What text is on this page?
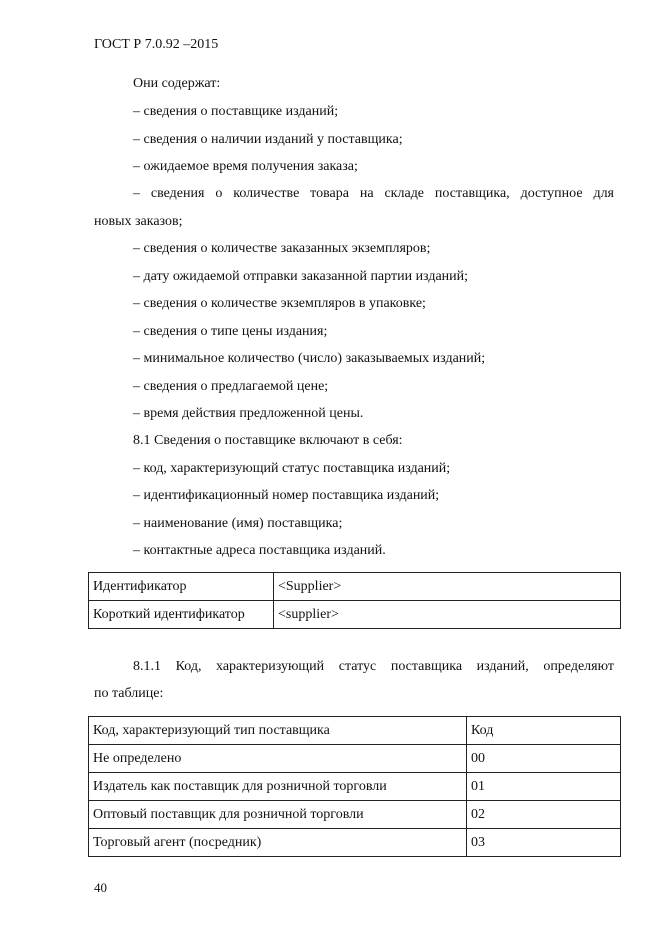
ГОСТ Р 7.0.92 –2015
Они содержат:
– сведения о поставщике изданий;
– сведения о наличии изданий у поставщика;
– ожидаемое время получения заказа;
– сведения о количестве товара на складе поставщика, доступное для
новых заказов;
– сведения о количестве заказанных экземпляров;
– дату ожидаемой отправки заказанной партии изданий;
– сведения о количестве экземпляров в упаковке;
– сведения о типе цены издания;
– минимальное количество (число) заказываемых изданий;
– сведения о предлагаемой цене;
– время действия предложенной цены.
8.1 Сведения о поставщике включают в себя:
– код, характеризующий статус поставщика изданий;
– идентификационный номер поставщика изданий;
– наименование (имя) поставщика;
– контактные адреса поставщика изданий.
Идентификатор	<Supplier>
Короткий идентификатор	<supplier>
8.1.1 Код, характеризующий статус поставщика изданий, определяют
по таблице:
Код, характеризующий тип поставщика	Код
Не определено	00
Издатель как поставщик для розничной торговли	01
Оптовый поставщик для розничной торговли	02
Торговый агент (посредник)	03
40
